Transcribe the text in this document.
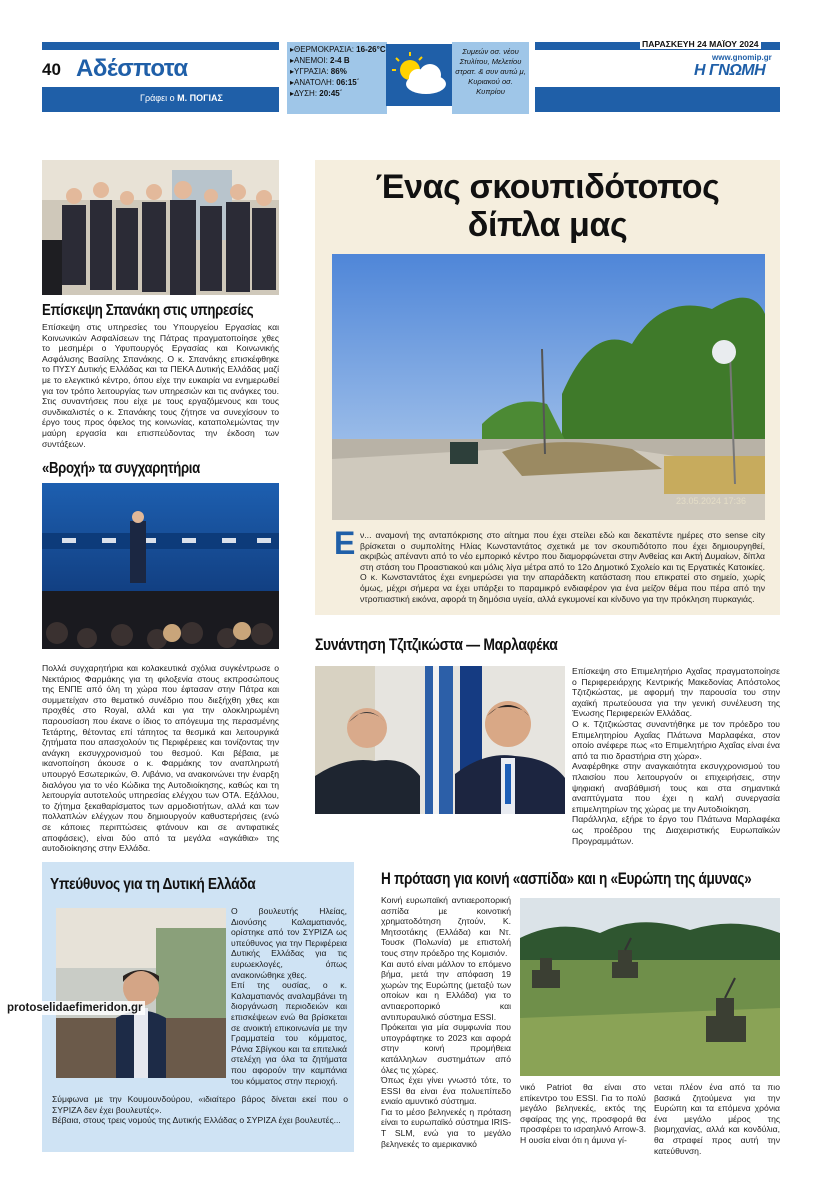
40 Αδέσποτα
Γράφει ο Μ. ΠΟΓΙΑΣ
▸ΘΕΡΜΟΚΡΑΣΙΑ: 16-26°C
▸ΑΝΕΜΟΙ: 2-4 Β
▸ΥΓΡΑΣΙΑ: 86%
▸ΑΝΑΤΟΛΗ: 06:15΄
▸ΔΥΣΗ: 20:45΄
Συμεών οσ. νέου
Στυλίτου, Μελετίου
στρατ. & συν αυτώ μ,
Κυριακού οσ.
Κυπρίου
ΠΑΡΑΣΚΕΥΗ 24 ΜΑΪΟΥ 2024
www.gnomip.gr
Η ΓΝΩΜΗ
Επίσκεψη Σπανάκη στις υπηρεσίες
Επίσκεψη στις υπηρεσίες του Υπουργείου Εργασίας και Κοινωνικών Ασφαλίσεων της Πάτρας πραγματοποίησε χθες το μεσημέρι ο Υφυπουργός Εργασίας και Κοινωνικής Ασφάλισης Βασίλης Σπανάκης. Ο κ. Σπανάκης επισκέφθηκε το ΠΥΣΥ Δυτικής Ελλάδας και τα ΠΕΚΑ Δυτικής Ελλάδας μαζί με το ελεγκτικό κέντρο, όπου είχε την ευκαιρία να ενημερωθεί για τον τρόπο λειτουργίας των υπηρεσιών και τις ανάγκες του. Στις συναντήσεις που είχε με τους εργαζόμενους και τους συνδικαλιστές ο κ. Σπανάκης τους ζήτησε να συνεχίσουν το έργο τους προς όφελος της κοινωνίας, καταπολεμώντας την μαύρη εργασία και επισπεύδοντας την έκδοση των συντάξεων.
«Βροχή» τα συγχαρητήρια
Πολλά συγχαρητήρια και κολακευτικά σχόλια συγκέντρωσε ο Νεκτάριος Φαρμάκης για τη φιλοξενία στους εκπροσώπους της ΕΝΠΕ από όλη τη χώρα που έφτασαν στην Πάτρα και συμμετείχαν στο θεματικό συνέδριο που διεξήχθη χθες και προχθές στο Royal, αλλά και για την ολοκληρωμένη παρουσίαση που έκανε ο ίδιος το απόγευμα της περασμένης Τετάρτης, θέτοντας επί τάπητος τα θεσμικά και λειτουργικά ζητήματα που απασχολούν τις Περιφέρειες και τονίζοντας την ανάγκη εκσυγχρονισμού του θεσμού. Και βέβαια, με ικανοποίηση άκουσε ο κ. Φαρμάκης τον αναπληρωτή υπουργό Εσωτερικών, Θ. Λιβάνιο, να ανακοινώνει την έναρξη διαλόγου για το νέο Κώδικα της Αυτοδιοίκησης, καθώς και τη λειτουργία αυτοτελούς υπηρεσίας ελέγχου των ΟΤΑ. Εξάλλου, το ζήτημα ξεκαθαρίσματος των αρμοδιοτήτων, αλλά και των πολλαπλών ελέγχων που δημιουργούν καθυστερήσεις (ενώ σε κάποιες περιπτώσεις φτάνουν και σε αντιφατικές αποφάσεις), είναι δύο από τα μεγάλα «αγκάθια» της αυτοδιοίκησης στην Ελλάδα.
Υπεύθυνος για τη Δυτική Ελλάδα
protoselidaefimeridon.gr
Ο βουλευτής Ηλείας, Διονύσης Καλαματιανός, ορίστηκε από τον ΣΥΡΙΖΑ ως υπεύθυνος για την Περιφέρεια Δυτικής Ελλάδας για τις ευρωεκλογές, όπως ανακοινώθηκε χθες.
Επί της ουσίας, ο κ. Καλαματιανός αναλαμβάνει τη διοργάνωση περιοδειών και επισκέψεων ενώ θα βρίσκεται σε ανοικτή επικοινωνία με την Γραμματεία του κόμματος, Ράνια Σβίγκου και τα επιτελικά στελέχη για όλα τα ζητήματα που αφορούν την καμπάνια του κόμματος στην περιοχή.
Σύμφωνα με την Κουμουνδούρου, «ιδιαίτερο βάρος δίνεται εκεί που ο ΣΥΡΙΖΑ δεν έχει βουλευτές».
Βέβαια, στους τρεις νομούς της Δυτικής Ελλάδας ο ΣΥΡΙΖΑ έχει βουλευτές...
Ένας σκουπιδότοπος
δίπλα μας
23.05.2024 17:36
Ε ν... αναμονή της ανταπόκρισης στο αίτημα που έχει στείλει εδώ και δεκαπέντε ημέρες στο sense city βρίσκεται ο συμπολίτης Ηλίας Κωνσταντάτος σχετικά με τον σκουπιδότοπο που έχει δημιουργηθεί, ακριβώς απέναντι από το νέο εμπορικό κέντρο που διαμορφώνεται στην Ανθείας και Ακτή Δυμαίων, δίπλα στη στάση του Προαστιακού και μόλις λίγα μέτρα από το 12ο Δημοτικό Σχολείο και τις Εργατικές Κατοικίες. Ο κ. Κωνσταντάτος έχει ενημερώσει για την απαράδεκτη κατάσταση που επικρατεί στο σημείο, χωρίς όμως, μέχρι σήμερα να έχει υπάρξει το παραμικρό ενδιαφέρον για ένα μείζον θέμα που πέρα από την ντροπιαστική εικόνα, αφορά τη δημόσια υγεία, αλλά εγκυμονεί και κίνδυνο για την πρόκληση πυρκαγιάς.
Συνάντηση Τζιτζικώστα — Μαρλαφέκα
Επίσκεψη στο Επιμελητήριο Αχαΐας πραγματοποίησε ο Περιφερειάρχης Κεντρικής Μακεδονίας Απόστολος Τζιτζικώστας, με αφορμή την παρουσία του στην αχαϊκή πρωτεύουσα για την γενική συνέλευση της Ένωσης Περιφερειών Ελλάδας.
Ο κ. Τζιτζικώστας συναντήθηκε με τον πρόεδρο του Επιμελητηρίου Αχαΐας Πλάτωνα Μαρλαφέκα, στον οποίο ανέφερε πως «το Επιμελητήριο Αχαΐας είναι ένα από τα πιο δραστήρια στη χώρα».
Αναφέρθηκε στην αναγκαιότητα εκσυγχρονισμού του πλαισίου που λειτουργούν οι επιχειρήσεις, στην ψηφιακή αναβάθμισή τους και στα σημαντικά αναπτύγματα που έχει η καλή συνεργασία επιμελητηρίων της χώρας με την Αυτοδιοίκηση.
Παράλληλα, εξήρε το έργο του Πλάτωνα Μαρλαφέκα ως προέδρου της Διαχειριστικής Ευρωπαϊκών Προγραμμάτων.
Η πρόταση για κοινή «ασπίδα» και η «Ευρώπη της άμυνας»
Κοινή ευρωπαϊκή αντιαεροπορική ασπίδα με κοινοτική χρηματοδότηση ζητούν, Κ. Μητσοτάκης (Ελλάδα) και Ντ. Τουσκ (Πολωνία) με επιστολή τους στην πρόεδρο της Κομισιόν.
Και αυτό είναι μάλλον το επόμενο βήμα, μετά την απόφαση 19 χωρών της Ευρώπης (μεταξύ των οποίων και η Ελλάδα) για το αντιαεροπορικό και αντιπυραυλικό σύστημα ESSI.
Πρόκειται για μία συμφωνία που υπογράφτηκε το 2023 και αφορά στην κοινή προμήθεια κατάλληλων συστημάτων από όλες τις χώρες.
Όπως έχει γίνει γνωστό τότε, το ESSI θα είναι ένα πολυεπίπεδο ενιαίο αμυντικό σύστημα.
Για το μέσο βεληνεκές η πρόταση είναι το ευρωπαϊκό σύστημα IRIS-T SLM, ενώ για το μεγάλο βεληνεκές το αμερικανικό
νικό Patriot θα είναι στο επίκεντρο του ESSI. Για το πολύ μεγάλο βεληνεκές, εκτός της σφαίρας της γης, προσφορά θα προσφέρει το ισραηλινό Arrow-3. Η ουσία είναι ότι η άμυνα γί-
νεται πλέον ένα από τα πιο βασικά ζητούμενα για την Ευρώπη και τα επόμενα χρόνια ένα μεγάλο μέρος της βιομηχανίας, αλλά και κονδύλια, θα στραφεί προς αυτή την κατεύθυνση.
